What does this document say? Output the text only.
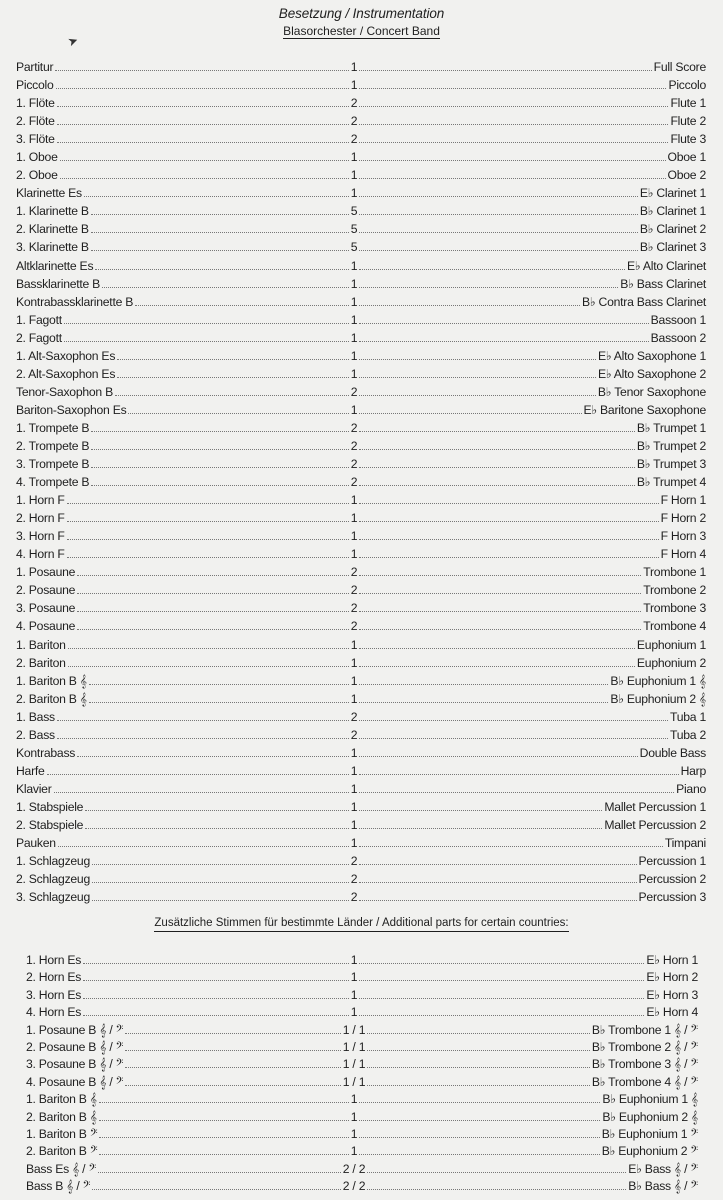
Besetzung / Instrumentation
Blasorchester / Concert Band
➤
Partitur	1	Full Score
Piccolo	1	Piccolo
1. Flöte	2	Flute 1
2. Flöte	2	Flute 2
3. Flöte	2	Flute 3
1. Oboe	1	Oboe 1
2. Oboe	1	Oboe 2
Klarinette Es	1	E♭ Clarinet 1
1. Klarinette B	5	B♭ Clarinet 1
2. Klarinette B	5	B♭ Clarinet 2
3. Klarinette B	5	B♭ Clarinet 3
Altklarinette Es	1	E♭ Alto Clarinet
Bassklarinette B	1	B♭ Bass Clarinet
Kontrabassklarinette B	1	B♭ Contra Bass Clarinet
1. Fagott	1	Bassoon 1
2. Fagott	1	Bassoon 2
1. Alt-Saxophon Es	1	E♭ Alto Saxophone 1
2. Alt-Saxophon Es	1	E♭ Alto Saxophone 2
Tenor-Saxophon B	2	B♭ Tenor Saxophone
Bariton-Saxophon Es	1	E♭ Baritone Saxophone
1. Trompete B	2	B♭ Trumpet 1
2. Trompete B	2	B♭ Trumpet 2
3. Trompete B	2	B♭ Trumpet 3
4. Trompete B	2	B♭ Trumpet 4
1. Horn F	1	F Horn 1
2. Horn F	1	F Horn 2
3. Horn F	1	F Horn 3
4. Horn F	1	F Horn 4
1. Posaune	2	Trombone 1
2. Posaune	2	Trombone 2
3. Posaune	2	Trombone 3
4. Posaune	2	Trombone 4
1. Bariton	1	Euphonium 1
2. Bariton	1	Euphonium 2
1. Bariton B 𝄞	1	B♭ Euphonium 1 𝄞
2. Bariton B 𝄞	1	B♭ Euphonium 2 𝄞
1. Bass	2	Tuba 1
2. Bass	2	Tuba 2
Kontrabass	1	Double Bass
Harfe	1	Harp
Klavier	1	Piano
1. Stabspiele	1	Mallet Percussion 1
2. Stabspiele	1	Mallet Percussion 2
Pauken	1	Timpani
1. Schlagzeug	2	Percussion 1
2. Schlagzeug	2	Percussion 2
3. Schlagzeug	2	Percussion 3
Zusätzliche Stimmen für bestimmte Länder / Additional parts for certain countries:
1. Horn Es	1	E♭ Horn 1
2. Horn Es	1	E♭ Horn 2
3. Horn Es	1	E♭ Horn 3
4. Horn Es	1	E♭ Horn 4
1. Posaune B 𝄞 / 𝄢	1 / 1	B♭ Trombone 1 𝄞 / 𝄢
2. Posaune B 𝄞 / 𝄢	1 / 1	B♭ Trombone 2 𝄞 / 𝄢
3. Posaune B 𝄞 / 𝄢	1 / 1	B♭ Trombone 3 𝄞 / 𝄢
4. Posaune B 𝄞 / 𝄢	1 / 1	B♭ Trombone 4 𝄞 / 𝄢
1. Bariton B 𝄞	1	B♭ Euphonium 1 𝄞
2. Bariton B 𝄞	1	B♭ Euphonium 2 𝄞
1. Bariton B 𝄢	1	B♭ Euphonium 1 𝄢
2. Bariton B 𝄢	1	B♭ Euphonium 2 𝄢
Bass Es 𝄞 / 𝄢	2 / 2	E♭ Bass 𝄞 / 𝄢
Bass B 𝄞 / 𝄢	2 / 2	B♭ Bass 𝄞 / 𝄢
